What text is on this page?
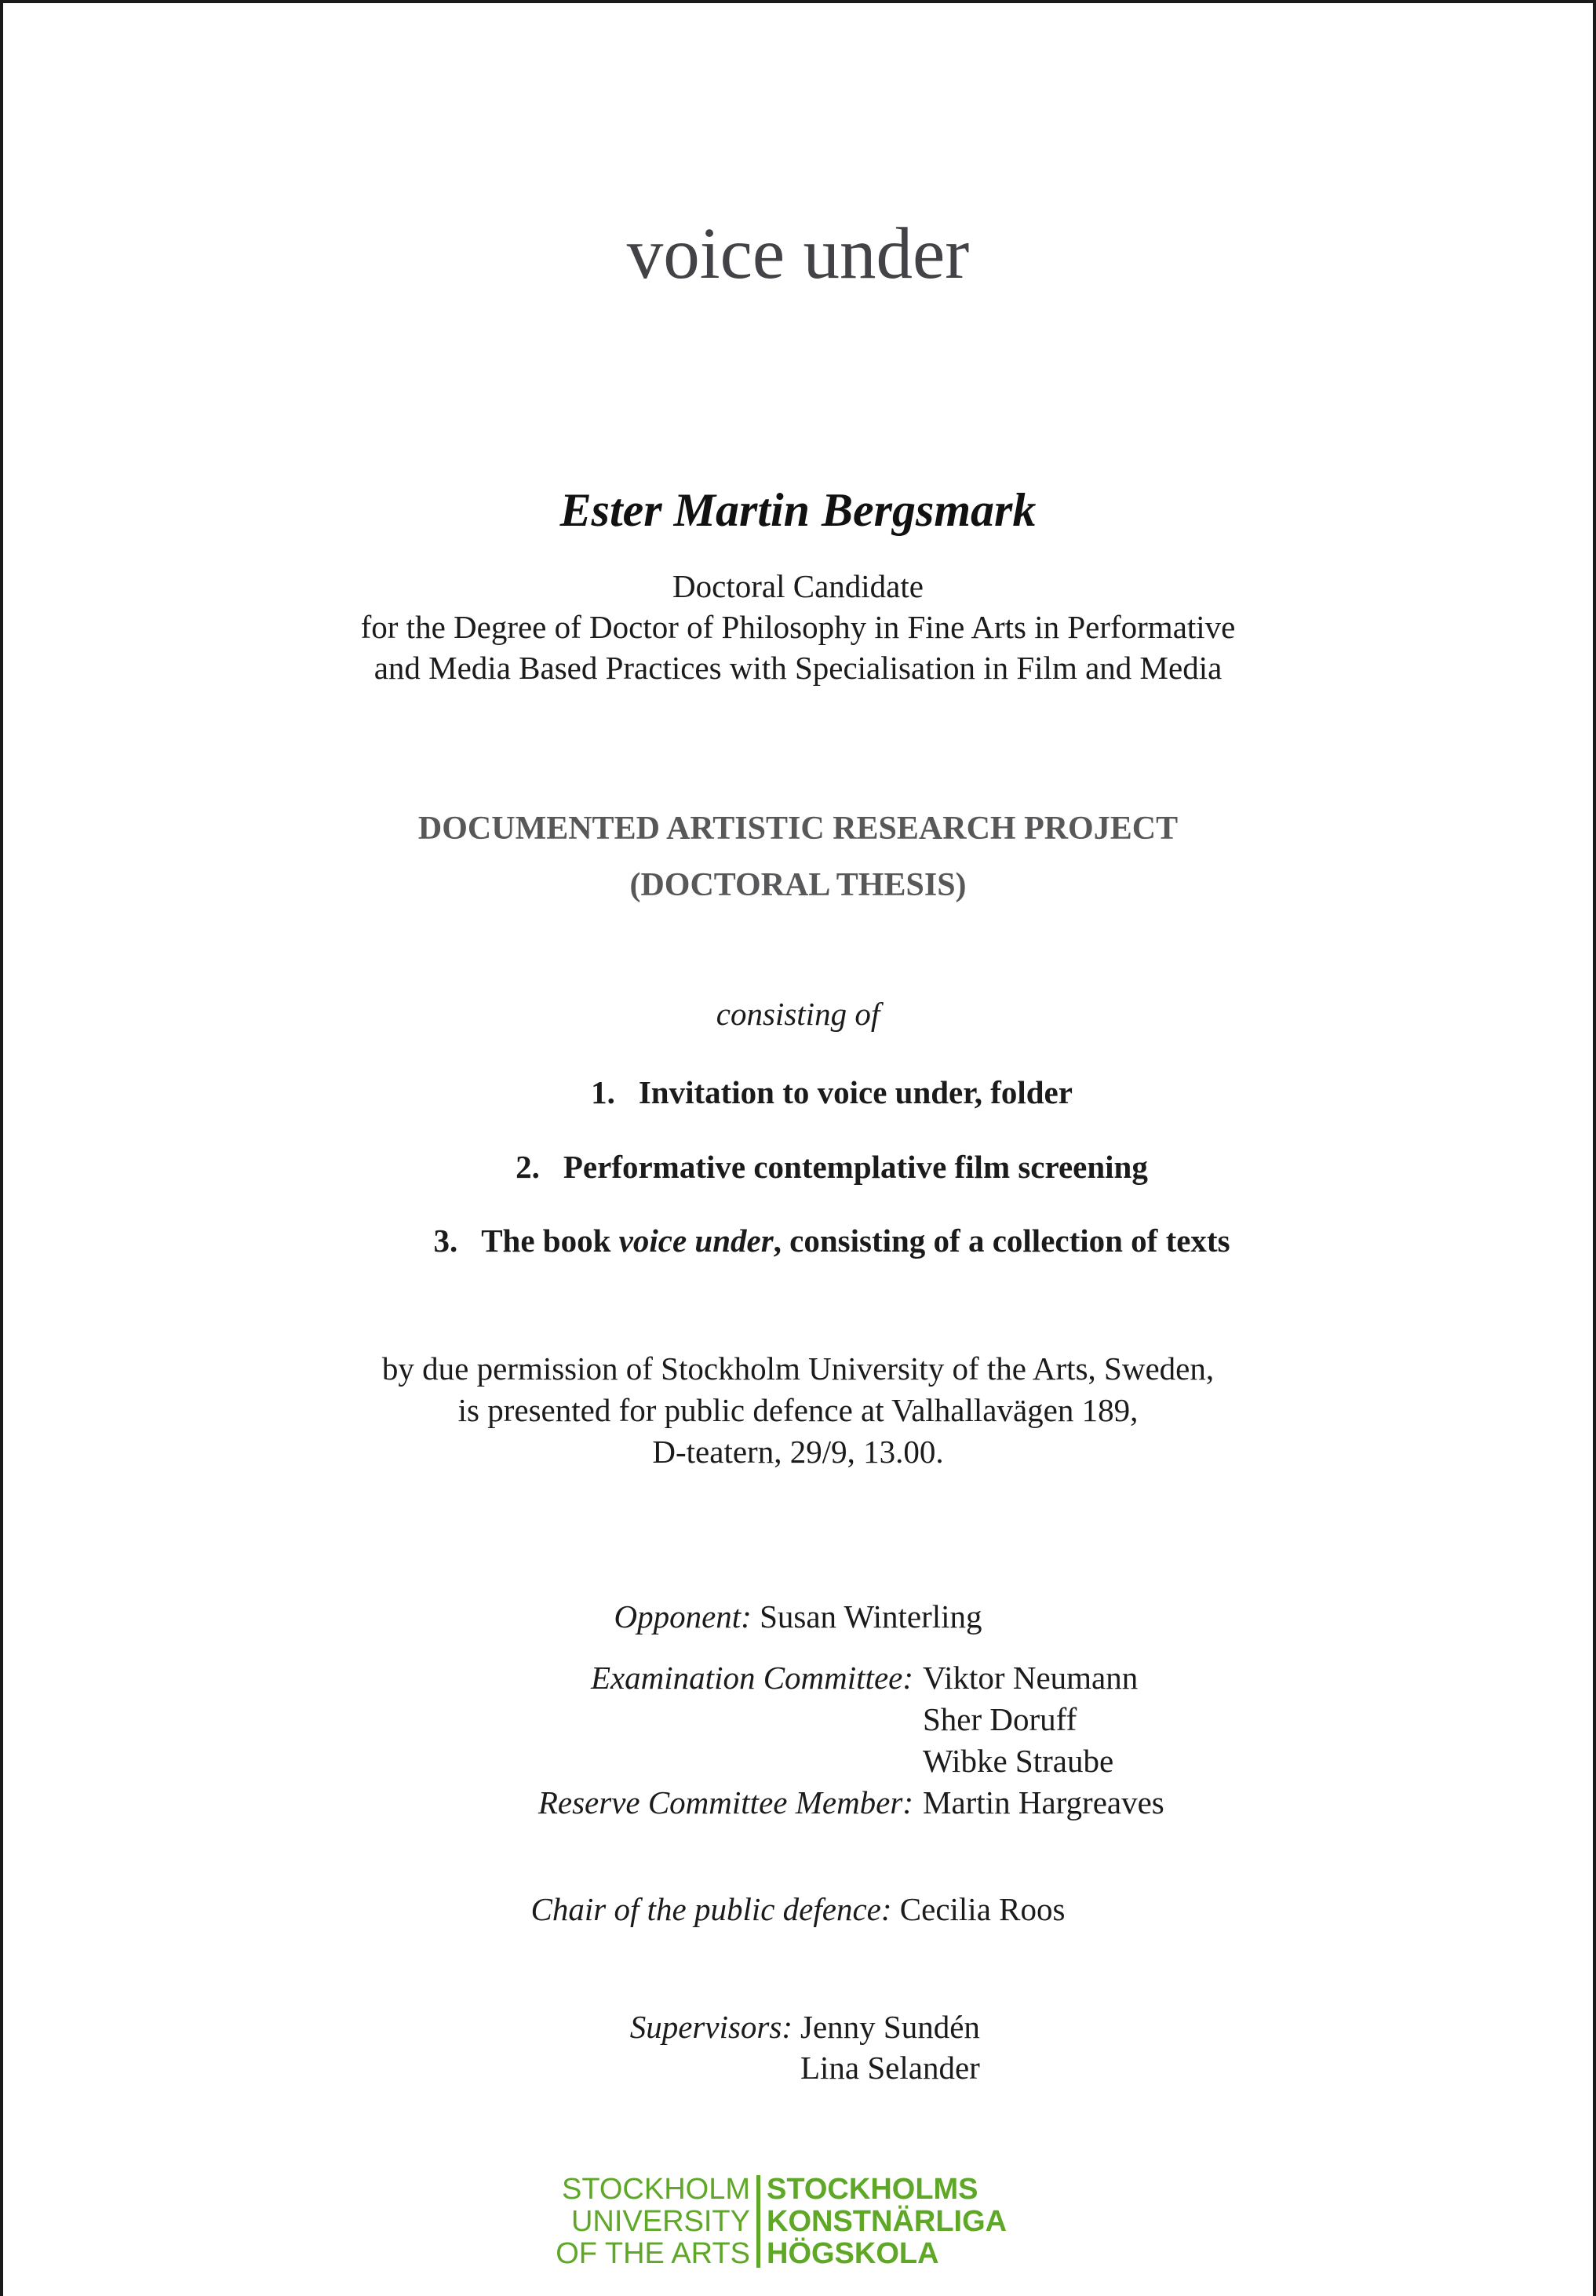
voice under
Ester Martin Bergsmark
Doctoral Candidate
for the Degree of Doctor of Philosophy in Fine Arts in Performative
and Media Based Practices with Specialisation in Film and Media
DOCUMENTED ARTISTIC RESEARCH PROJECT
(DOCTORAL THESIS)
consisting of
1. Invitation to voice under, folder
2. Performative contemplative film screening
3. The book voice under, consisting of a collection of texts
by due permission of Stockholm University of the Arts, Sweden,
is presented for public defence at Valhallavägen 189,
D-teatern, 29/9, 13.00.
Opponent: Susan Winterling
Examination Committee: Viktor Neumann
Sher Doruff
Wibke Straube
Martin Hargreaves
Reserve Committee Member:
Chair of the public defence: Cecilia Roos
Supervisors: Jenny Sundén
Lina Selander
STOCKHOLM
UNIVERSITY
OF THE ARTS
STOCKHOLMS
KONSTNÄRLIGA
HÖGSKOLA
